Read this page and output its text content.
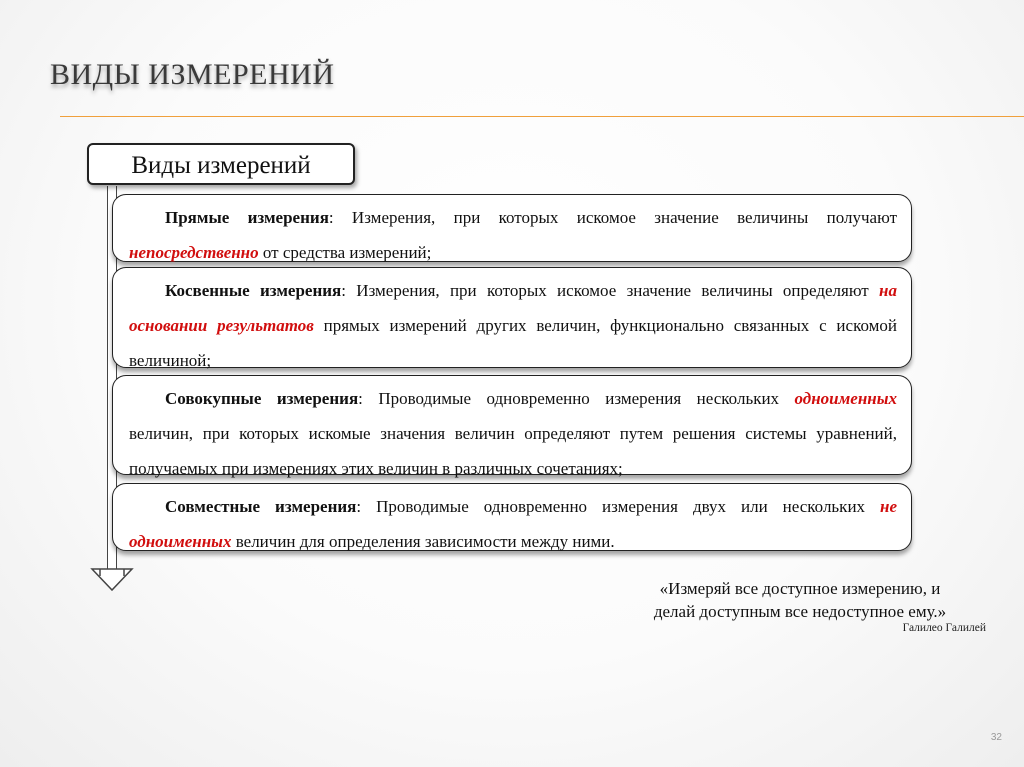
ВИДЫ ИЗМЕРЕНИЙ
Виды измерений
Прямые измерения: Измерения, при которых искомое значение величины получают непосредственно от средства измерений;
Косвенные измерения: Измерения, при которых искомое значение величины определяют на основании результатов прямых измерений других величин, функционально связанных с искомой величиной;
Совокупные измерения: Проводимые одновременно измерения нескольких одноименных величин, при которых искомые значения величин определяют путем решения системы уравнений, получаемых при измерениях этих величин в различных сочетаниях;
Совместные измерения: Проводимые одновременно измерения двух или нескольких не одноименных величин для определения зависимости между ними.
«Измеряй все доступное измерению, и
делай доступным все недоступное ему.»
Галилео Галилей
32
